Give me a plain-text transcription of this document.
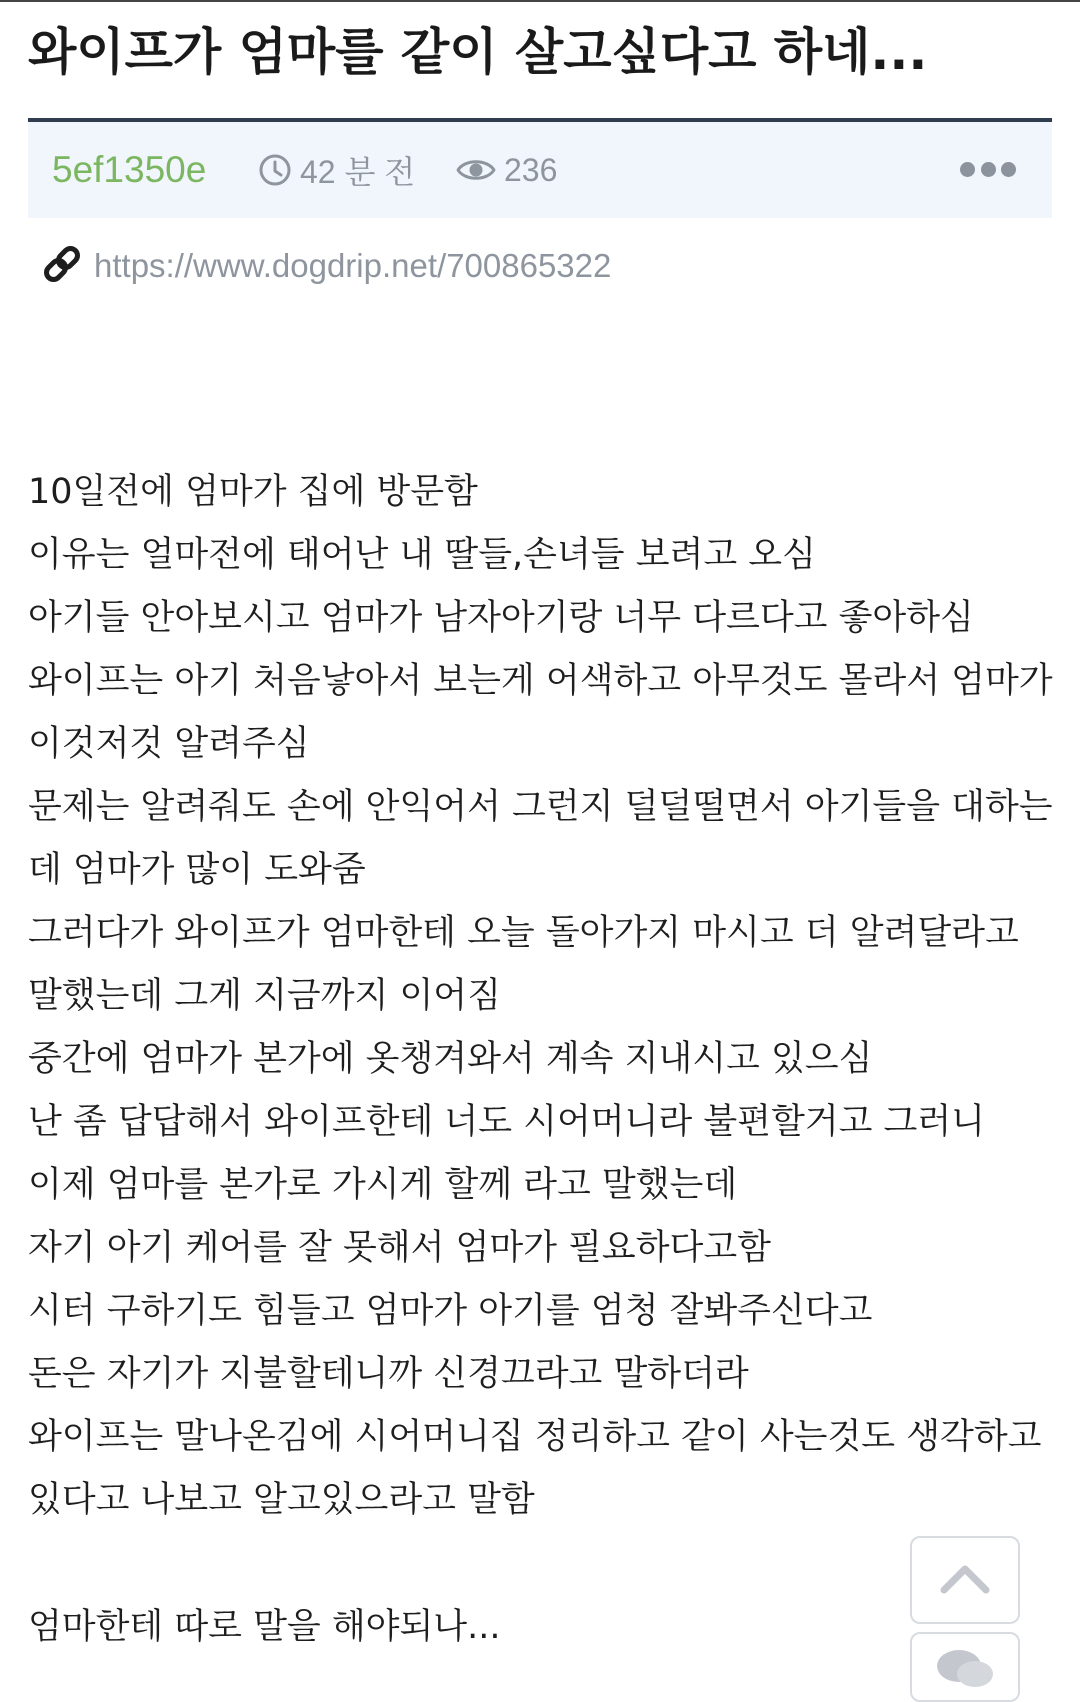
와이프가 엄마를 같이 살고싶다고 하네...
5ef1350e	42 분 전	236
https://www.dogdrip.net/700865322
10일전에 엄마가 집에 방문함
이유는 얼마전에 태어난 내 딸들,손녀들 보려고 오심
아기들 안아보시고 엄마가 남자아기랑 너무 다르다고 좋아하심
와이프는 아기 처음낳아서 보는게 어색하고 아무것도 몰라서 엄마가
이것저것 알려주심
문제는 알려줘도 손에 안익어서 그런지 덜덜떨면서 아기들을 대하는
데 엄마가 많이 도와줌
그러다가 와이프가 엄마한테 오늘 돌아가지 마시고 더 알려달라고
말했는데 그게 지금까지 이어짐
중간에 엄마가 본가에 옷챙겨와서 계속 지내시고 있으심
난 좀 답답해서 와이프한테 너도 시어머니라 불편할거고 그러니
이제 엄마를 본가로 가시게 할께 라고 말했는데
자기 아기 케어를 잘 못해서 엄마가 필요하다고함
시터 구하기도 힘들고 엄마가 아기를 엄청 잘봐주신다고
돈은 자기가 지불할테니까 신경끄라고 말하더라
와이프는 말나온김에 시어머니집 정리하고 같이 사는것도 생각하고
있다고 나보고 알고있으라고 말함
엄마한테 따로 말을 해야되나...
